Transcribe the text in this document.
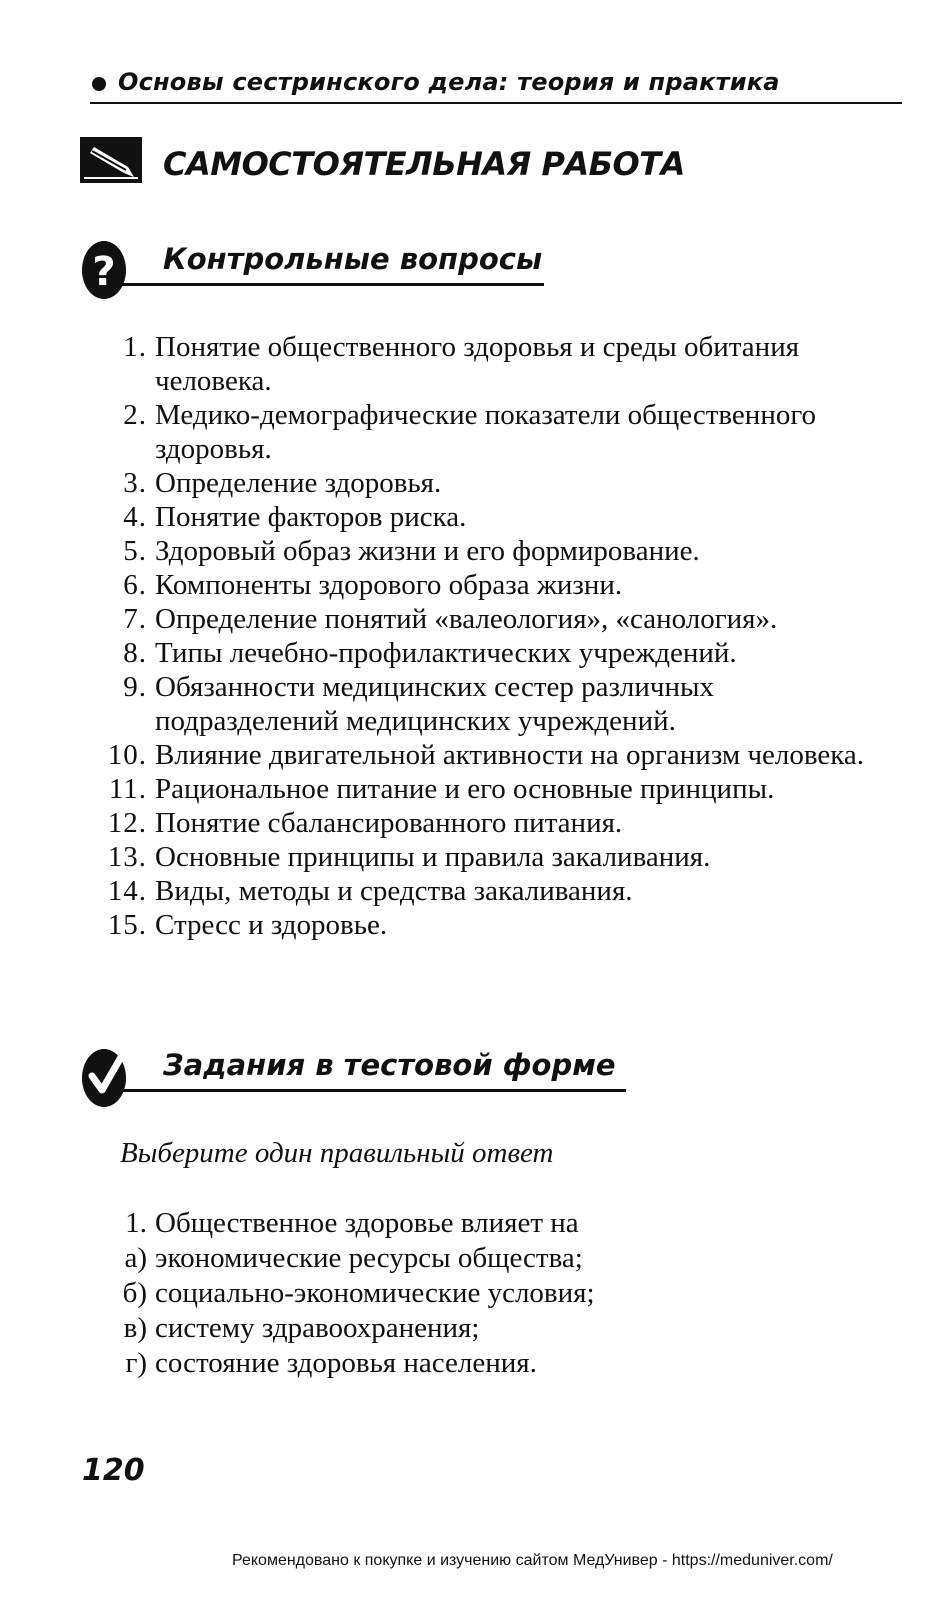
Основы сестринского дела: теория и практика
САМОСТОЯТЕЛЬНАЯ РАБОТА
? Контрольные вопросы
1. Понятие общественного здоровья и среды обитания человека.
2. Медико-демографические показатели общественного здоровья.
3. Определение здоровья.
4. Понятие факторов риска.
5. Здоровый образ жизни и его формирование.
6. Компоненты здорового образа жизни.
7. Определение понятий «валеология», «санология».
8. Типы лечебно-профилактических учреждений.
9. Обязанности медицинских сестер различных подразделений медицинских учреждений.
10. Влияние двигательной активности на организм человека.
11. Рациональное питание и его основные принципы.
12. Понятие сбалансированного питания.
13. Основные принципы и правила закаливания.
14. Виды, методы и средства закаливания.
15. Стресс и здоровье.
Задания в тестовой форме
Выберите один правильный ответ
1. Общественное здоровье влияет на
а) экономические ресурсы общества;
б) социально-экономические условия;
в) систему здравоохранения;
г) состояние здоровья населения.
120
Рекомендовано к покупке и изучению сайтом МедУнивер - https://meduniver.com/
